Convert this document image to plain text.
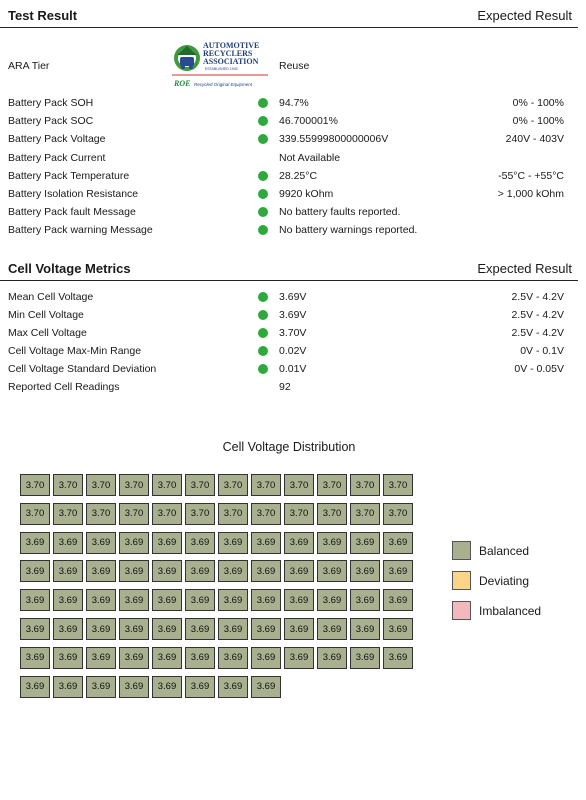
Test Result	Expected Result
ARA Tier	Reuse
AUTOMOTIVE
RECYCLERS
ASSOCIATION
ESTABLISHED 1943
ROE Recycled Original Equipment
Battery Pack SOH	94.7%	0% - 100%
Battery Pack SOC	46.700001%	0% - 100%
Battery Pack Voltage	339.55999800000006V	240V - 403V
Battery Pack Current	Not Available
Battery Pack Temperature	28.25°C	-55°C - +55°C
Battery Isolation Resistance	9920 kOhm	> 1,000 kOhm
Battery Pack fault Message	No battery faults reported.
Battery Pack warning Message	No battery warnings reported.
Cell Voltage Metrics	Expected Result
Mean Cell Voltage	3.69V	2.5V - 4.2V
Min Cell Voltage	3.69V	2.5V - 4.2V
Max Cell Voltage	3.70V	2.5V - 4.2V
Cell Voltage Max-Min Range	0.02V	0V - 0.1V
Cell Voltage Standard Deviation	0.01V	0V - 0.05V
Reported Cell Readings	92
Cell Voltage Distribution
3.70	3.70	3.70	3.70	3.70	3.70	3.70	3.70	3.70	3.70	3.70	3.70
3.70	3.70	3.70	3.70	3.70	3.70	3.70	3.70	3.70	3.70	3.70	3.70
3.69	3.69	3.69	3.69	3.69	3.69	3.69	3.69	3.69	3.69	3.69	3.69
3.69	3.69	3.69	3.69	3.69	3.69	3.69	3.69	3.69	3.69	3.69	3.69
3.69	3.69	3.69	3.69	3.69	3.69	3.69	3.69	3.69	3.69	3.69	3.69
3.69	3.69	3.69	3.69	3.69	3.69	3.69	3.69	3.69	3.69	3.69	3.69
3.69	3.69	3.69	3.69	3.69	3.69	3.69	3.69	3.69	3.69	3.69	3.69
3.69	3.69	3.69	3.69	3.69	3.69	3.69	3.69
Balanced
Deviating
Imbalanced
